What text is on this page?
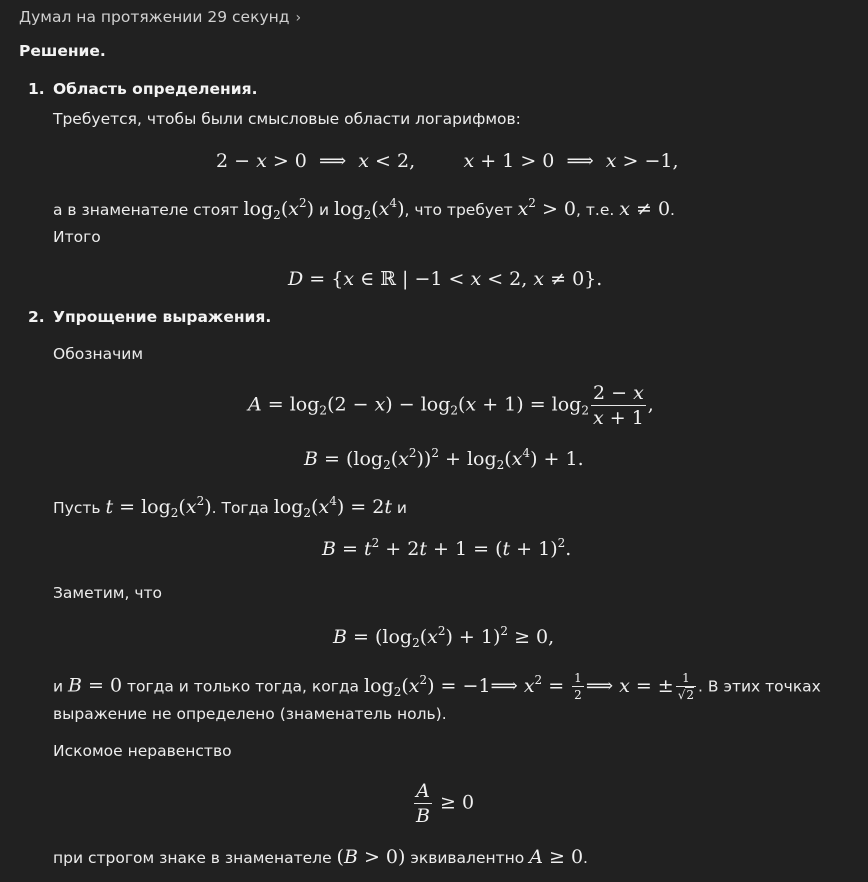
Думал на протяжении 29 секунд ›
Решение.
1. Область определения.
Требуется, чтобы были смысловые области логарифмов:
2 − x > 0  ⟹  x < 2,        x + 1 > 0  ⟹  x > −1,
а в знаменателе стоят $\log_2(x^2)$ и $\log_2(x^4)$, что требует $x^2 > 0$, т.е. x ≠ 0.
Итого
D = {x ∈ ℝ | −1 < x < 2, x ≠ 0}.
2. Упрощение выражения.
Обозначим
$A = \log_2(2 - x) - \log_2(x + 1) = \log_2 \frac{2 - x}{x + 1}$ ,
$B = (\log_2(x^2))^2 + \log_2(x^4) + 1$.
Пусть $t = \log_2(x^2)$. Тогда $\log_2(x^4) = 2t$ и
$B = t^2 + 2t + 1 = (t + 1)^2$.
Заметим, что
$B = (\log_2(x^2) + 1)^2 \ge 0$,
и B = 0 тогда и только тогда, когда $\log_2(x^2)$ = −1⟹ $x^2 = \frac{1}{2}$ ⟹ x = ± $\frac{1}{√2}$ . В этих точках
выражение не определено (знаменатель ноль).
Искомое неравенство
$\frac{A}{B} \ge 0$
при строгом знаке в знаменателе (B > 0) эквивалентно A ≥ 0.
